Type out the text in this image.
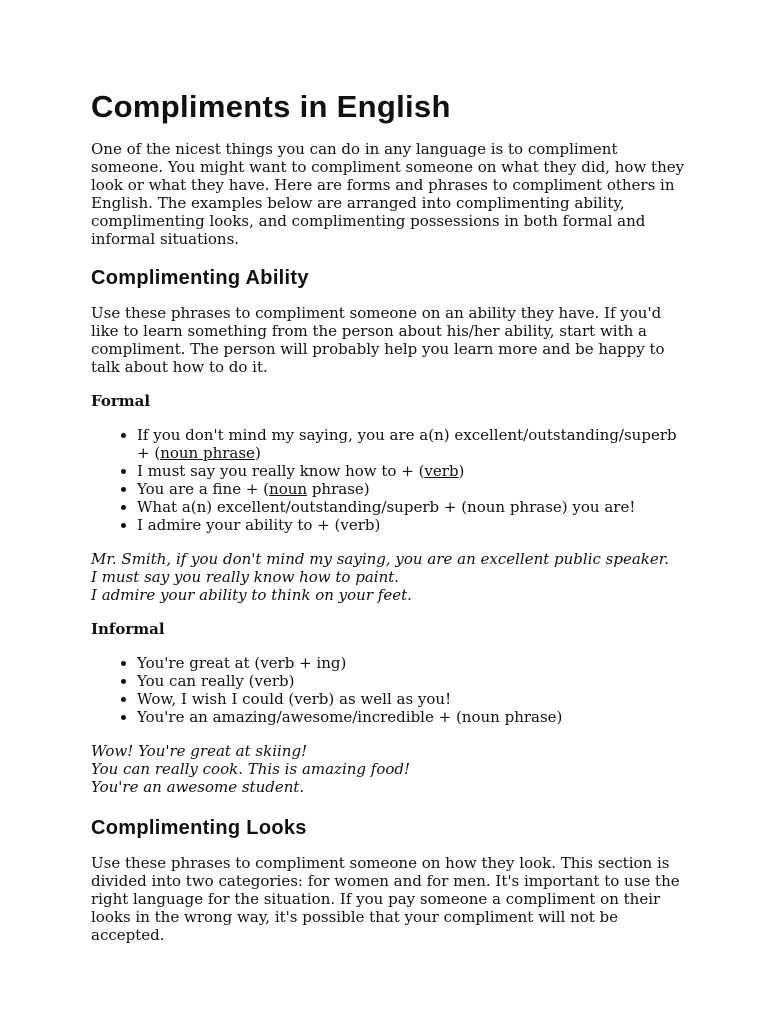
Compliments in English

One of the nicest things you can do in any language is to compliment someone. You might want to compliment someone on what they did, how they look or what they have. Here are forms and phrases to compliment others in English. The examples below are arranged into complimenting ability, complimenting looks, and complimenting possessions in both formal and informal situations.

Complimenting Ability

Use these phrases to compliment someone on an ability they have. If you'd like to learn something from the person about his/her ability, start with a compliment. The person will probably help you learn more and be happy to talk about how to do it.

Formal

• If you don't mind my saying, you are a(n) excellent/outstanding/superb + (noun phrase)
• I must say you really know how to + (verb)
• You are a fine + (noun phrase)
• What a(n) excellent/outstanding/superb + (noun phrase) you are!
• I admire your ability to + (verb)
Mr. Smith, if you don't mind my saying, you are an excellent public speaker.
I must say you really know how to paint.
I admire your ability to think on your feet.

Informal

• You're great at (verb + ing)
• You can really (verb)
• Wow, I wish I could (verb) as well as you!
• You're an amazing/awesome/incredible + (noun phrase)
Wow! You're great at skiing!
You can really cook. This is amazing food!
You're an awesome student.
Complimenting Looks

Use these phrases to compliment someone on how they look. This section is divided into two categories: for women and for men. It's important to use the right language for the situation. If you pay someone a compliment on their looks in the wrong way, it's possible that your compliment will not be accepted.
